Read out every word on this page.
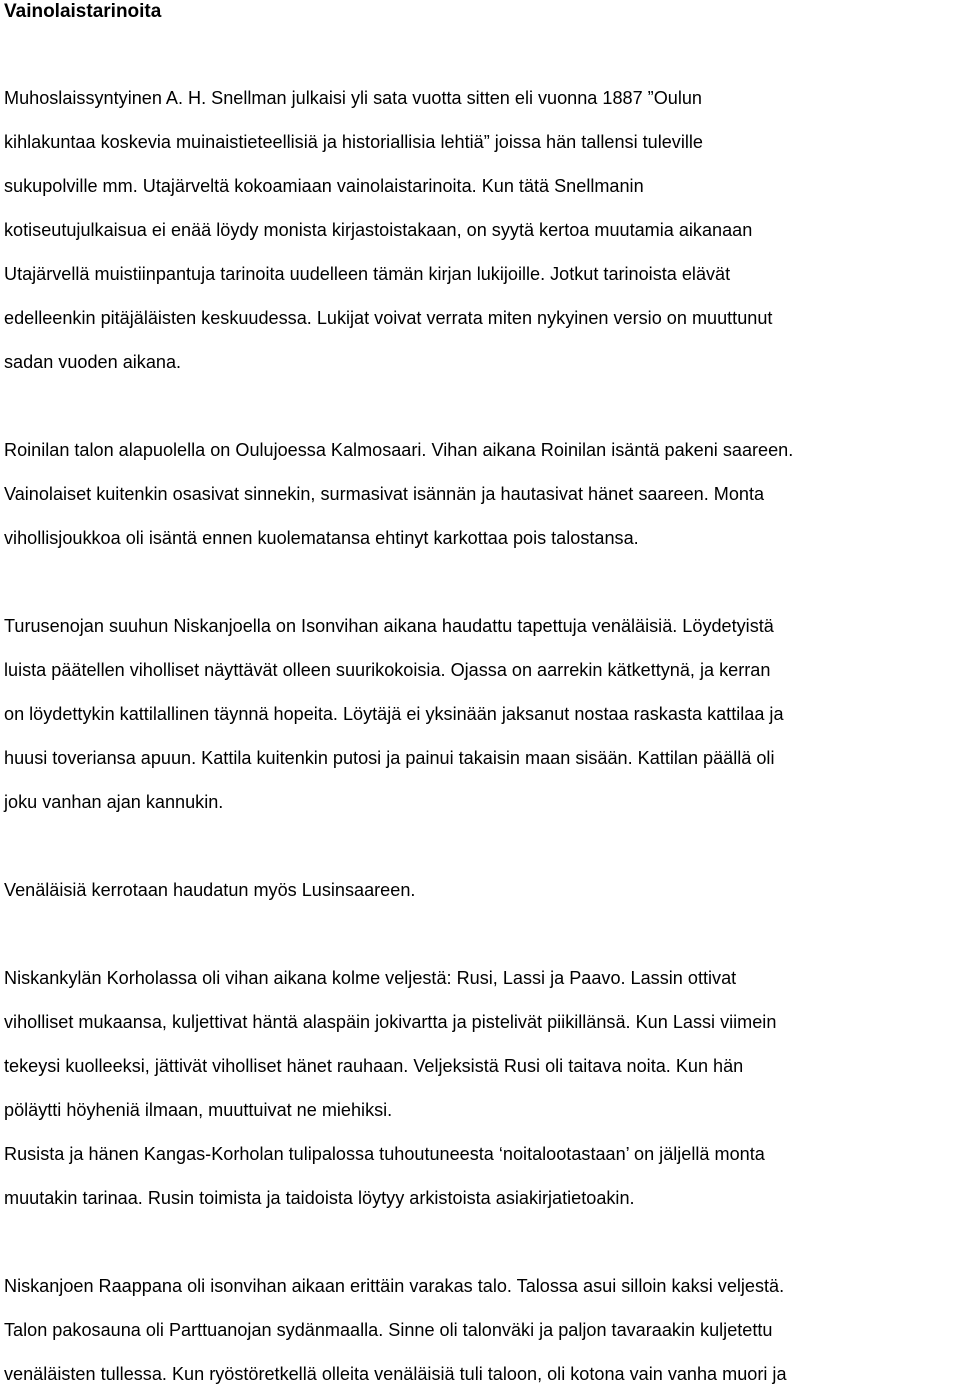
Vainolaistarinoita

Muhoslaissyntyinen A. H. Snellman julkaisi yli sata vuotta sitten eli vuonna 1887 ”Oulun
kihlakuntaa koskevia muinaistieteellisiä ja historiallisia lehtiä” joissa hän tallensi tuleville
sukupolville mm. Utajärveltä kokoamiaan vainolaistarinoita. Kun tätä Snellmanin
kotiseutujulkaisua ei enää löydy monista kirjastoistakaan, on syytä kertoa muutamia aikanaan
Utajärvellä muistiinpantuja tarinoita uudelleen tämän kirjan lukijoille. Jotkut tarinoista elävät
edelleenkin pitäjäläisten keskuudessa. Lukijat voivat verrata miten nykyinen versio on muuttunut
sadan vuoden aikana.

Roinilan talon alapuolella on Oulujoessa Kalmosaari. Vihan aikana Roinilan isäntä pakeni saareen.
Vainolaiset kuitenkin osasivat sinnekin, surmasivat isännän ja hautasivat hänet saareen. Monta
vihollisjoukkoa oli isäntä ennen kuolematansa ehtinyt karkottaa pois talostansa.

Turusenojan suuhun Niskanjoella on Isonvihan aikana haudattu tapettuja venäläisiä. Löydetyistä
luista päätellen viholliset näyttävät olleen suurikokoisia. Ojassa on aarrekin kätkettynä, ja kerran
on löydettykin kattilallinen täynnä hopeita. Löytäjä ei yksinään jaksanut nostaa raskasta kattilaa ja
huusi toveriansa apuun. Kattila kuitenkin putosi ja painui takaisin maan sisään. Kattilan päällä oli
joku vanhan ajan kannukin.

Venäläisiä kerrotaan haudatun myös Lusinsaareen.

Niskankylän Korholassa oli vihan aikana kolme veljestä: Rusi, Lassi ja Paavo. Lassin ottivat
viholliset mukaansa, kuljettivat häntä alaspäin jokivartta ja pistelivät piikillänsä. Kun Lassi viimein
tekeysi kuolleeksi, jättivät viholliset hänet rauhaan. Veljeksistä Rusi oli taitava noita. Kun hän
pöläytti höyheniä ilmaan, muuttuivat ne miehiksi.

Rusista ja hänen Kangas-Korholan tulipalossa tuhoutuneesta ‘noitalootastaan’ on jäljellä monta
muutakin tarinaa. Rusin toimista ja taidoista löytyy arkistoista asiakirjatietoakin.

Niskanjoen Raappana oli isonvihan aikaan erittäin varakas talo. Talossa asui silloin kaksi veljestä.
Talon pakosauna oli Parttuanojan sydänmaalla. Sinne oli talonväki ja paljon tavaraakin kuljetettu
venäläisten tullessa. Kun ryöstöretkellä olleita venäläisiä tuli taloon, oli kotona vain vanha muori ja
